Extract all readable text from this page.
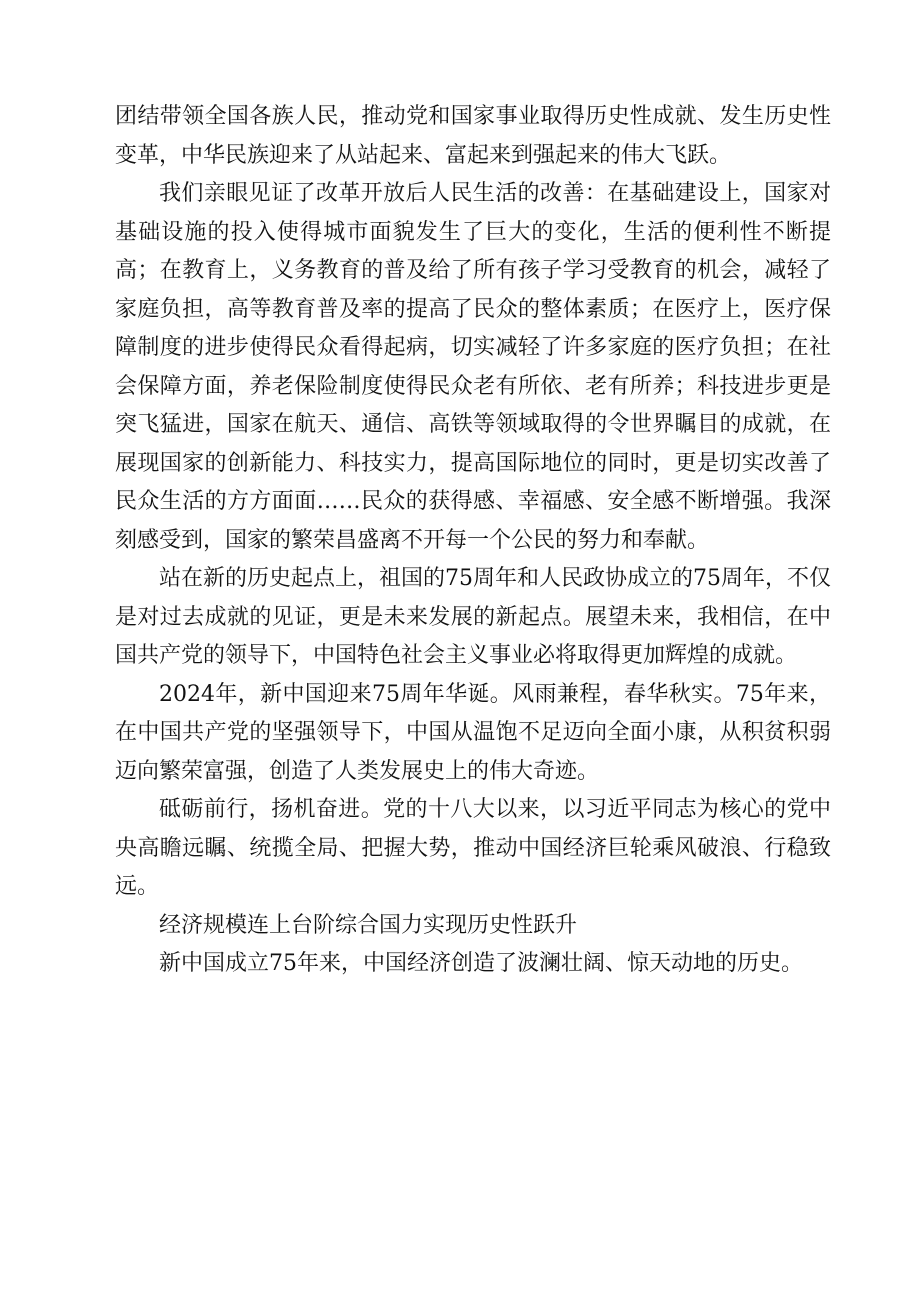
团结带领全国各族人民，推动党和国家事业取得历史性成就、发生历史性变革，中华民族迎来了从站起来、富起来到强起来的伟大飞跃。

我们亲眼见证了改革开放后人民生活的改善：在基础建设上，国家对基础设施的投入使得城市面貌发生了巨大的变化，生活的便利性不断提高；在教育上，义务教育的普及给了所有孩子学习受教育的机会，减轻了家庭负担，高等教育普及率的提高了民众的整体素质；在医疗上，医疗保障制度的进步使得民众看得起病，切实减轻了许多家庭的医疗负担；在社会保障方面，养老保险制度使得民众老有所依、老有所养；科技进步更是突飞猛进，国家在航天、通信、高铁等领域取得的令世界瞩目的成就，在展现国家的创新能力、科技实力，提高国际地位的同时，更是切实改善了民众生活的方方面面……民众的获得感、幸福感、安全感不断增强。我深刻感受到，国家的繁荣昌盛离不开每一个公民的努力和奉献。

站在新的历史起点上，祖国的75周年和人民政协成立的75周年，不仅是对过去成就的见证，更是未来发展的新起点。展望未来，我相信，在中国共产党的领导下，中国特色社会主义事业必将取得更加辉煌的成就。

2024年，新中国迎来75周年华诞。风雨兼程，春华秋实。75年来，在中国共产党的坚强领导下，中国从温饱不足迈向全面小康，从积贫积弱迈向繁荣富强，创造了人类发展史上的伟大奇迹。

砥砺前行，扬机奋进。党的十八大以来，以习近平同志为核心的党中央高瞻远瞩、统揽全局、把握大势，推动中国经济巨轮乘风破浪、行稳致远。

经济规模连上台阶综合国力实现历史性跃升

新中国成立75年来，中国经济创造了波澜壮阔、惊天动地的历史。
